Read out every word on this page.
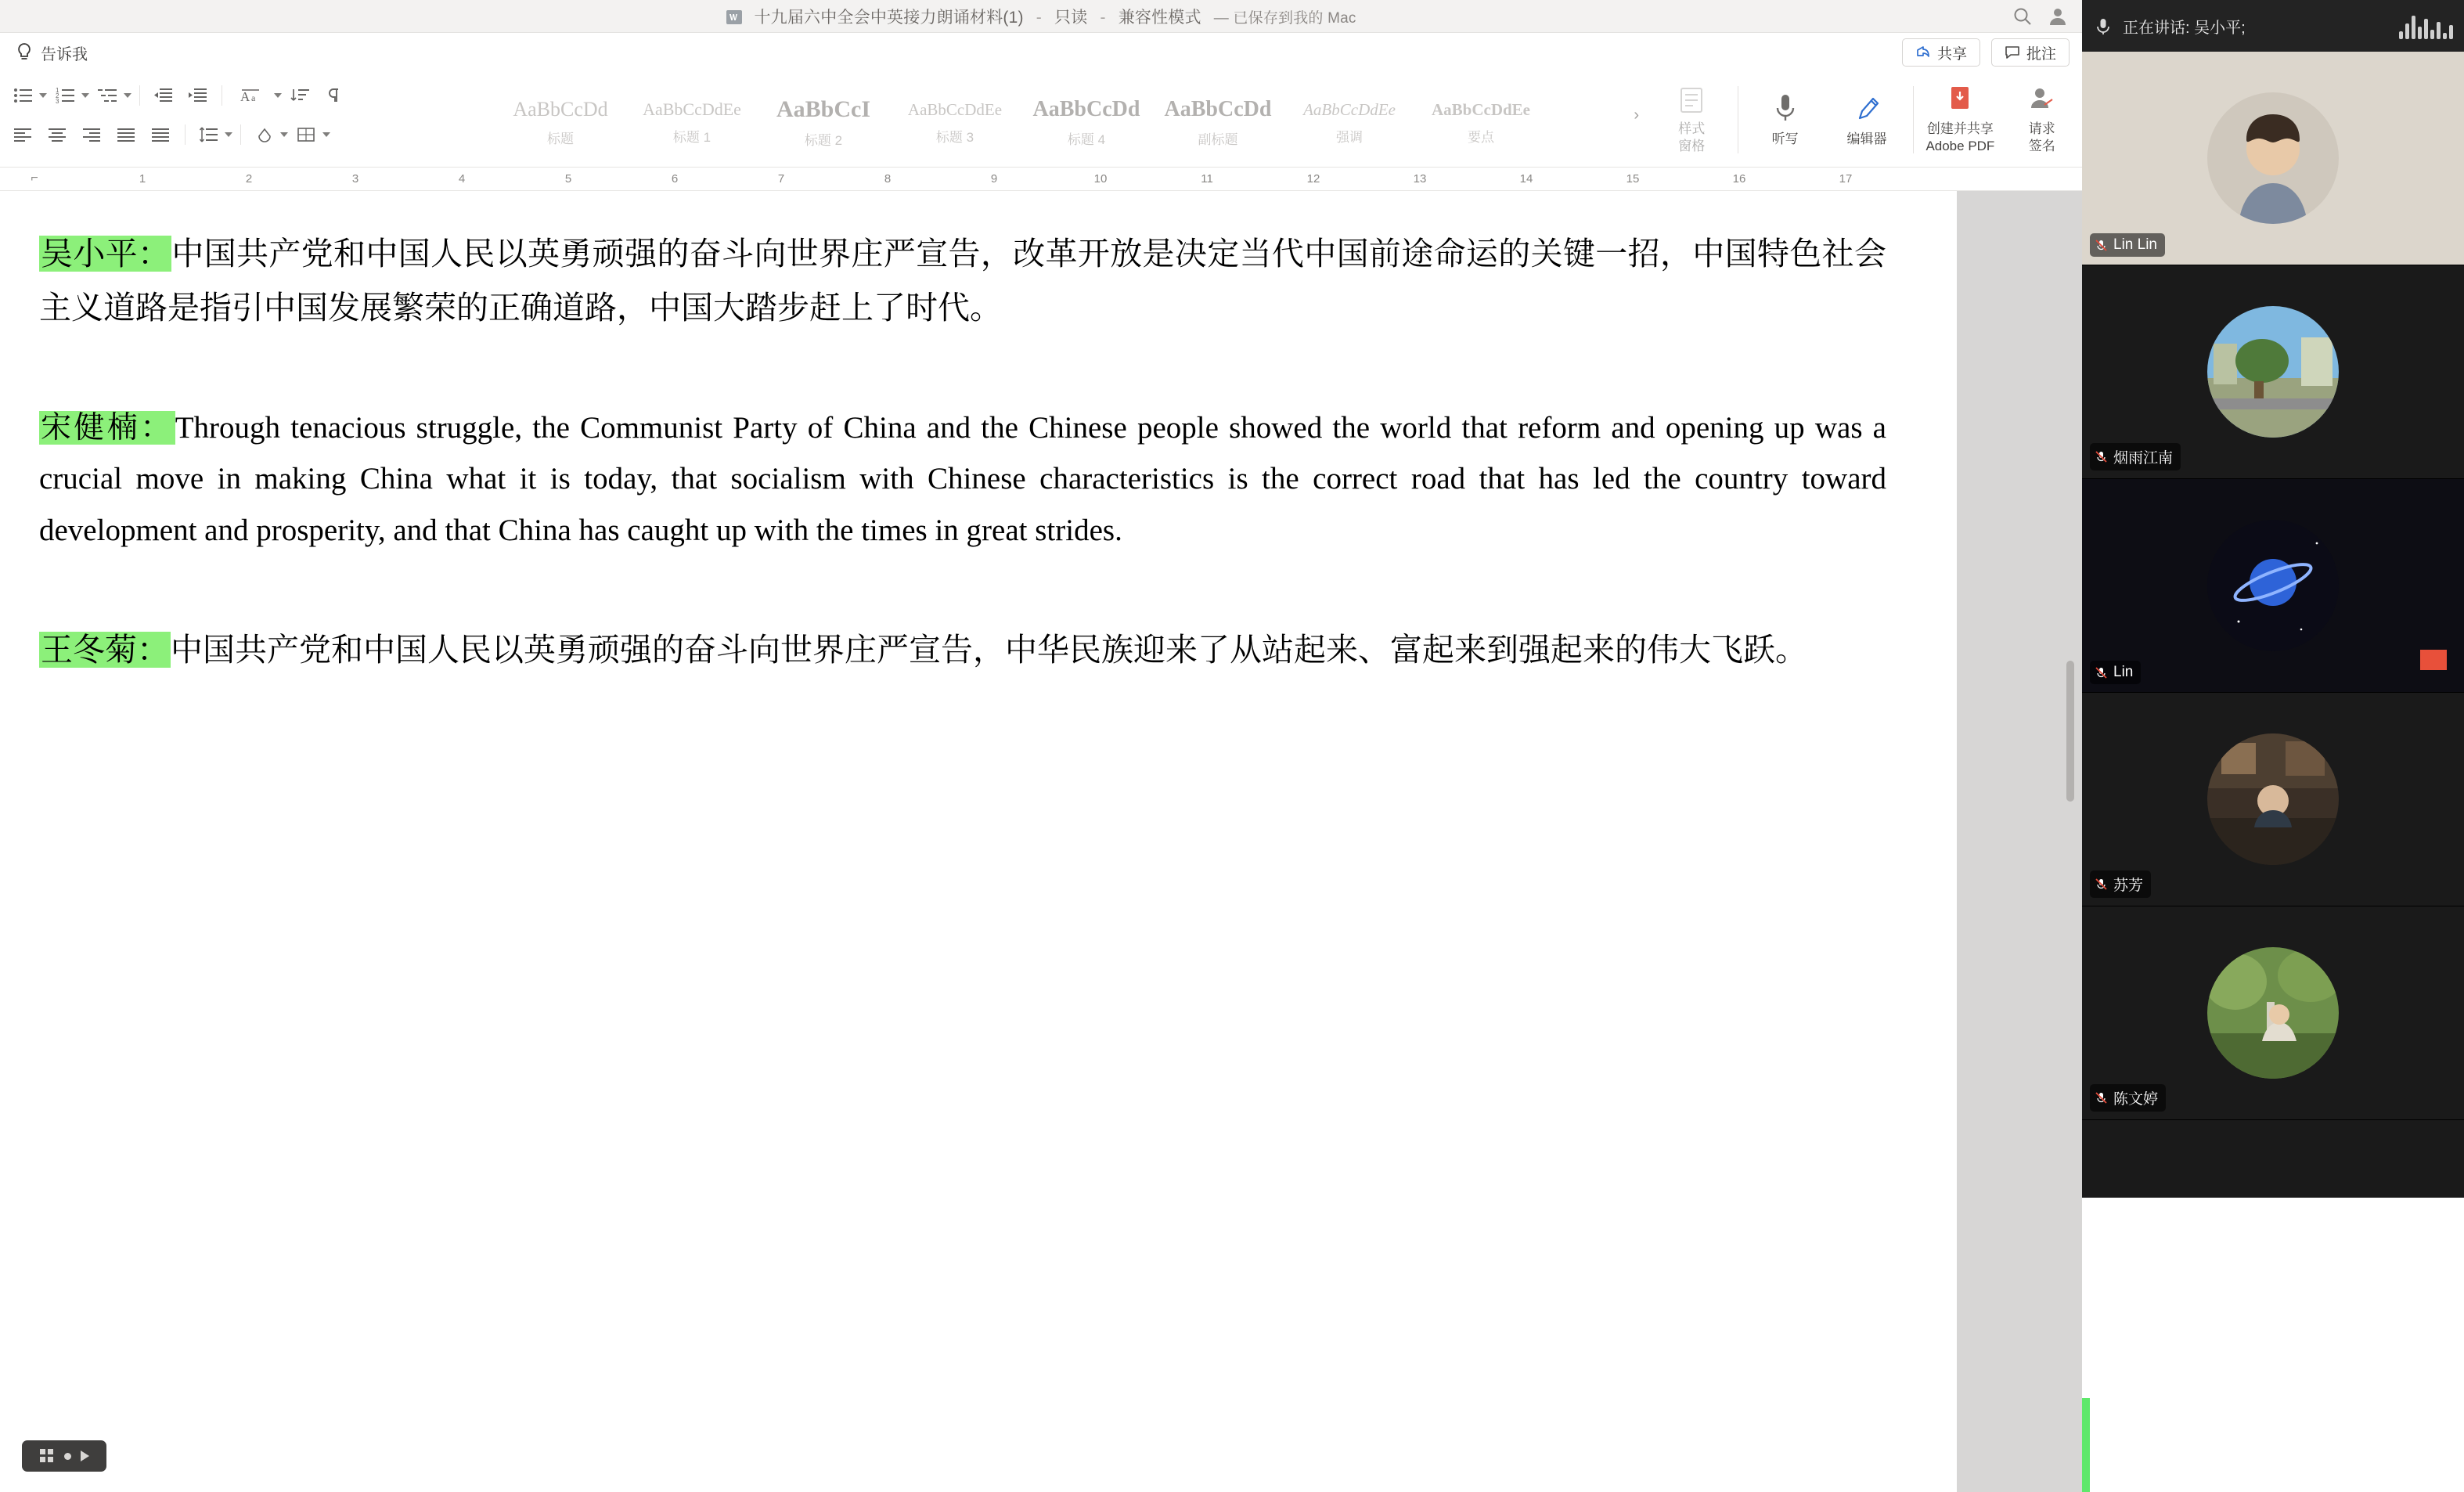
十九届六中全会中英接力朗诵材料(1) - 只读 - 兼容性模式 — 已保存到我的 Mac
告诉我	共享	批注
1
2
3	A a	AaBbCcDd
标题
AaBbCcDdEe
标题 1
AaBbCcI
标题 2
AaBbCcDdEe
标题 3
AaBbCcDd
标题 4
AaBbCcDd
副标题
AaBbCcDdEe
强调
AaBbCcDdEe
要点
›
样式
窗格	听写	编辑器
创建并共享
Adobe PDF
请求
签名
⌐	1	2	3	4	5	6	7	8	9	10	11	12	13	14	15	16	17

吴小平：中国共产党和中国人民以英勇顽强的奋斗向世界庄严宣告，改革开放是决定当代中国前途命运的关键一招，中国特色社会主义道路是指引中国发展繁荣的正确道路，中国大踏步赶上了时代。

宋健楠：Through tenacious struggle, the Communist Party of China and the Chinese people showed the world that reform and opening up was a crucial move in making China what it is today, that socialism with Chinese characteristics is the correct road that has led the country toward development and prosperity, and that China has caught up with the times in great strides.

王冬菊：中国共产党和中国人民以英勇顽强的奋斗向世界庄严宣告，中华民族迎来了从站起来、富起来到强起来的伟大飞跃。

正在讲话: 吴小平;
Lin Lin
烟雨江南
Lin
苏芳
陈文婷
